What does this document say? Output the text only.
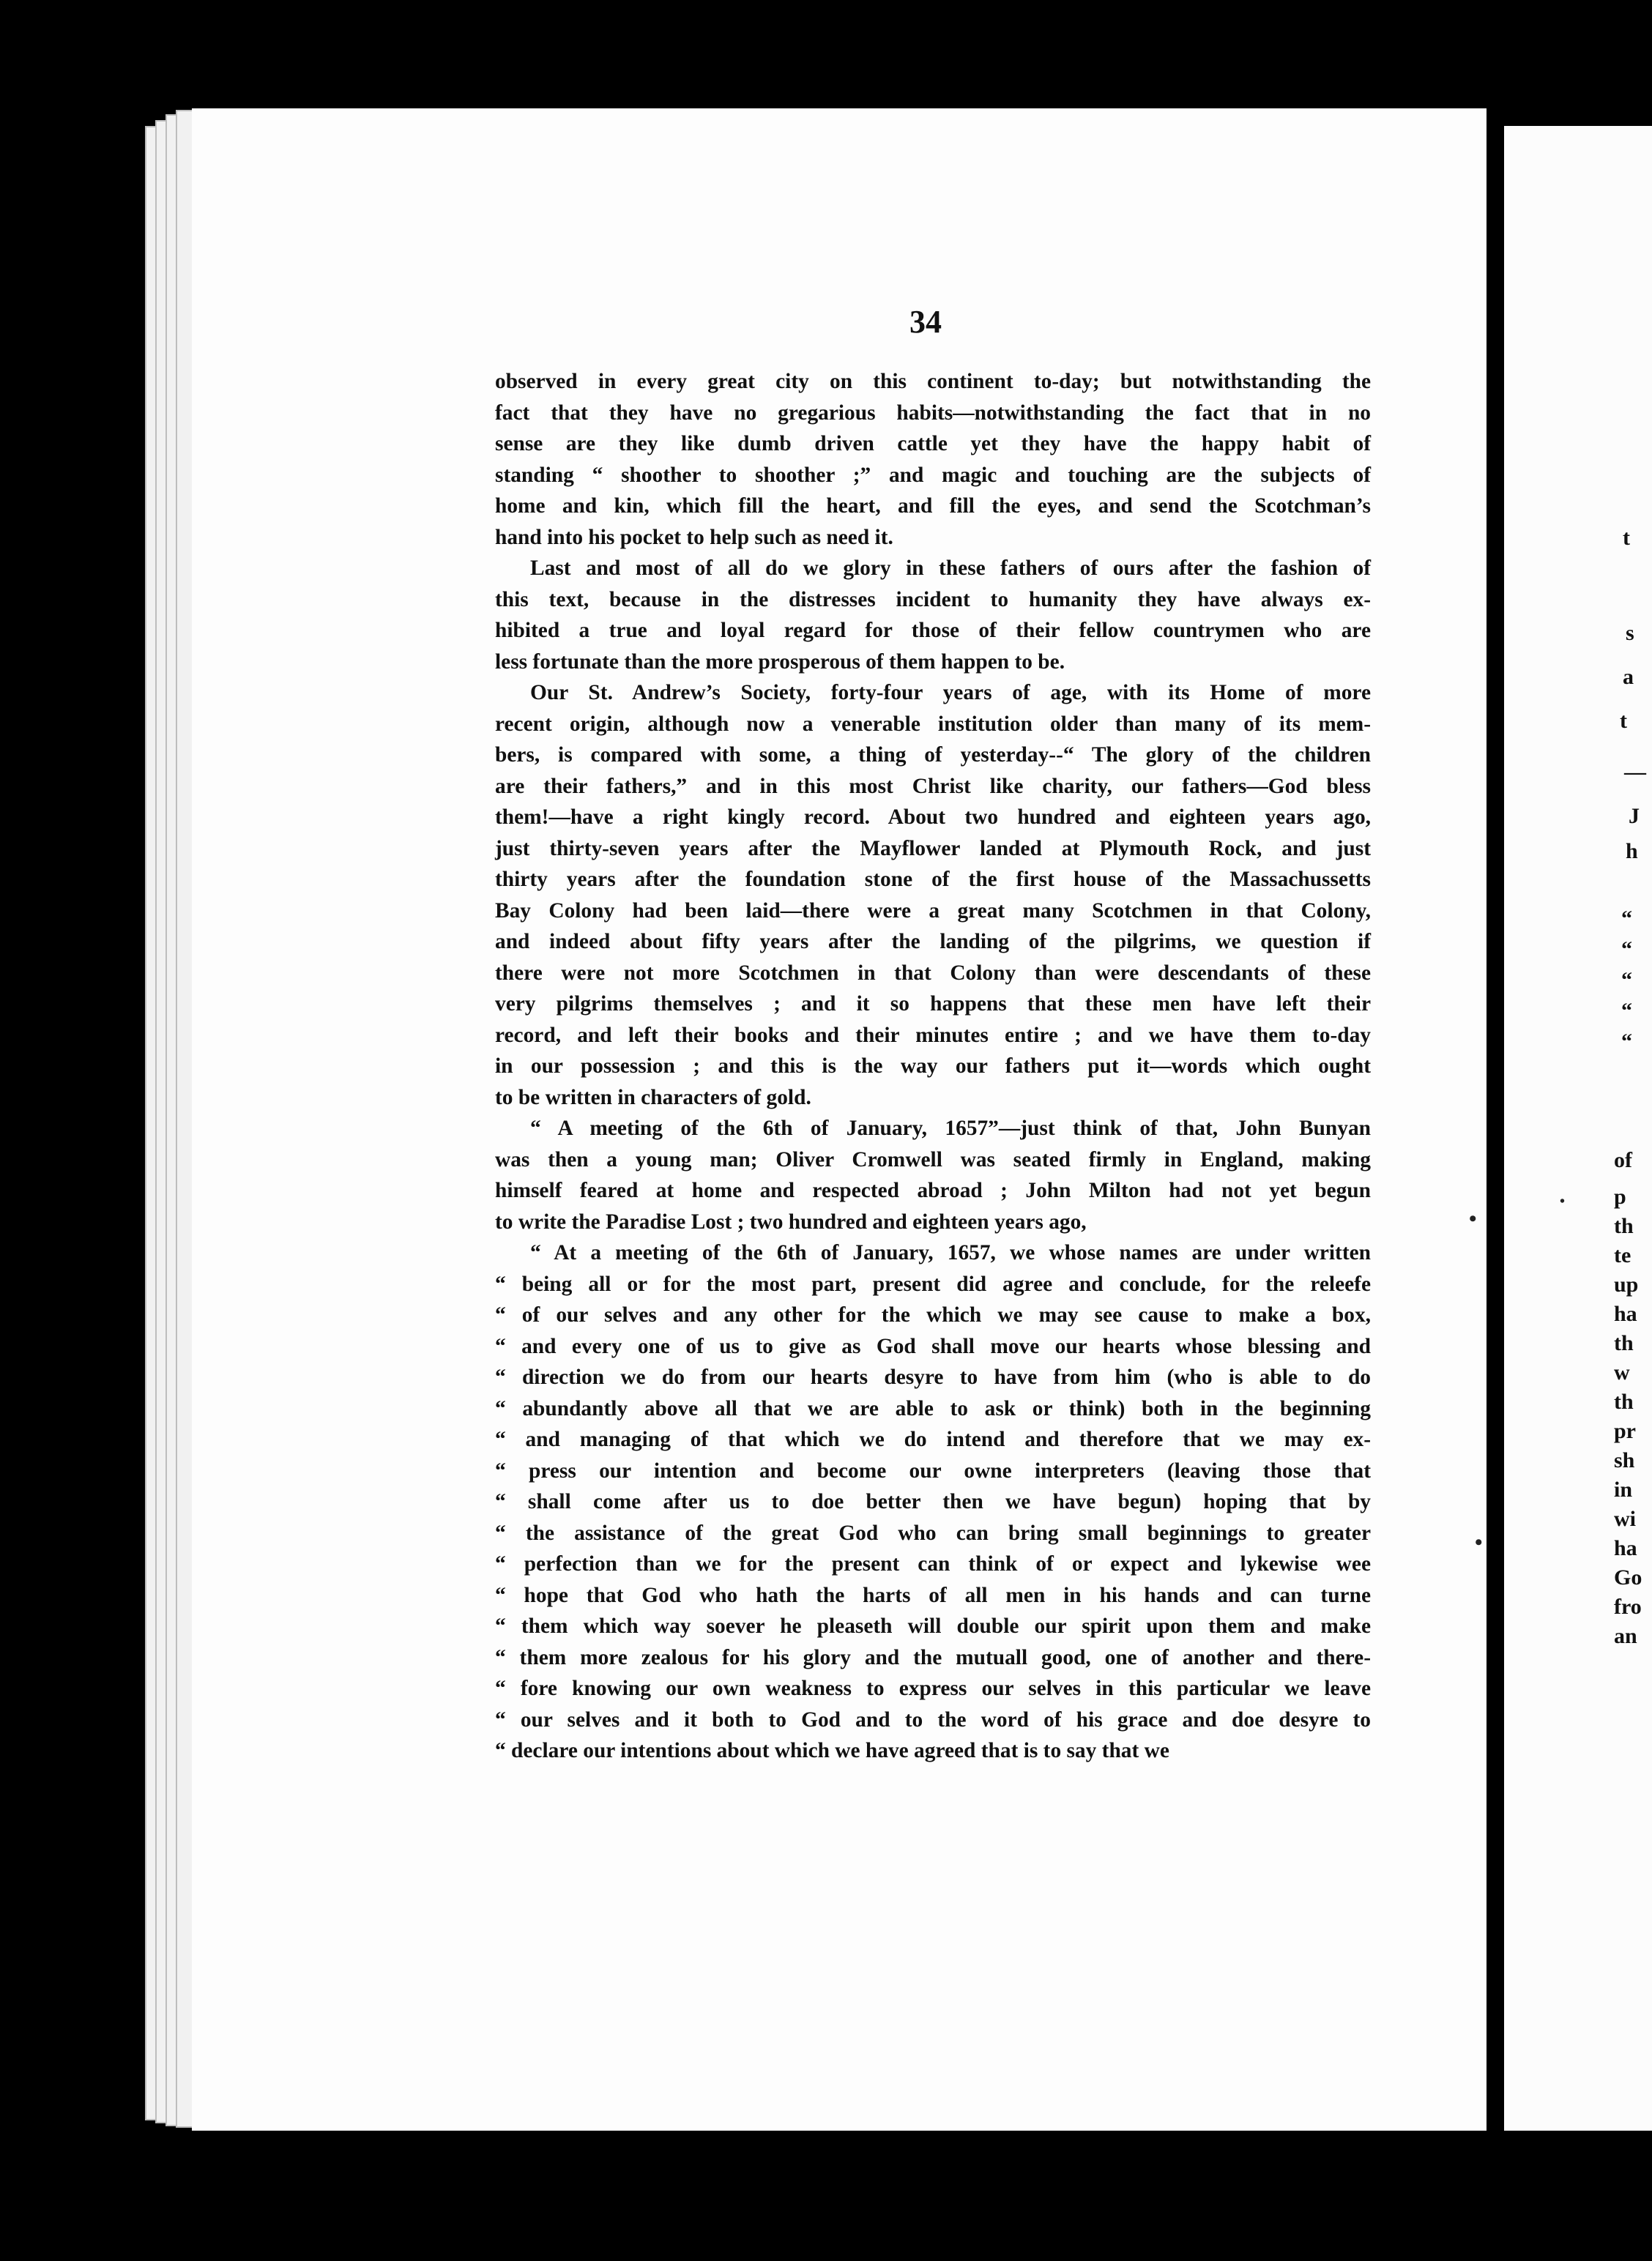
t
s
a
t
—
J
h
“
“
“
“
“
of
p
th
te
up
ha
th
w
th
pr
sh
in
wi
ha
Go
fro
an
34
observed in every great city on this continent to-day; but notwithstanding the
fact that they have no gregarious habits—notwithstanding the fact that in no
sense are they like dumb driven cattle yet they have the happy habit of
standing “ shoother to shoother ;” and magic and touching are the subjects of
home and kin, which fill the heart, and fill the eyes, and send the Scotchman’s
hand into his pocket to help such as need it.
Last and most of all do we glory in these fathers of ours after the fashion of
this text, because in the distresses incident to humanity they have always ex-
hibited a true and loyal regard for those of their fellow countrymen who are
less fortunate than the more prosperous of them happen to be.
Our St. Andrew’s Society, forty-four years of age, with its Home of more
recent origin, although now a venerable institution older than many of its mem-
bers, is compared with some, a thing of yesterday--“ The glory of the children
are their fathers,” and in this most Christ like charity, our fathers—God bless
them!—have a right kingly record. About two hundred and eighteen years ago,
just thirty-seven years after the Mayflower landed at Plymouth Rock, and just
thirty years after the foundation stone of the first house of the Massachussetts
Bay Colony had been laid—there were a great many Scotchmen in that Colony,
and indeed about fifty years after the landing of the pilgrims, we question if
there were not more Scotchmen in that Colony than were descendants of these
very pilgrims themselves ; and it so happens that these men have left their
record, and left their books and their minutes entire ; and we have them to-day
in our possession ; and this is the way our fathers put it—words which ought
to be written in characters of gold.
“ A meeting of the 6th of January, 1657”—just think of that, John Bunyan
was then a young man; Oliver Cromwell was seated firmly in England, making
himself feared at home and respected abroad ; John Milton had not yet begun
to write the Paradise Lost ; two hundred and eighteen years ago,
“ At a meeting of the 6th of January, 1657, we whose names are under written
“ being all or for the most part, present did agree and conclude, for the releefe
“ of our selves and any other for the which we may see cause to make a box,
“ and every one of us to give as God shall move our hearts whose blessing and
“ direction we do from our hearts desyre to have from him (who is able to do
“ abundantly above all that we are able to ask or think) both in the beginning
“ and managing of that which we do intend and therefore that we may ex-
“ press our intention and become our owne interpreters (leaving those that
“ shall come after us to doe better then we have begun) hoping that by
“ the assistance of the great God who can bring small beginnings to greater
“ perfection than we for the present can think of or expect and lykewise wee
“ hope that God who hath the harts of all men in his hands and can turne
“ them which way soever he pleaseth will double our spirit upon them and make
“ them more zealous for his glory and the mutuall good, one of another and there-
“ fore knowing our own weakness to express our selves in this particular we leave
“ our selves and it both to God and to the word of his grace and doe desyre to
“ declare our intentions about which we have agreed that is to say that we
•
•
•
